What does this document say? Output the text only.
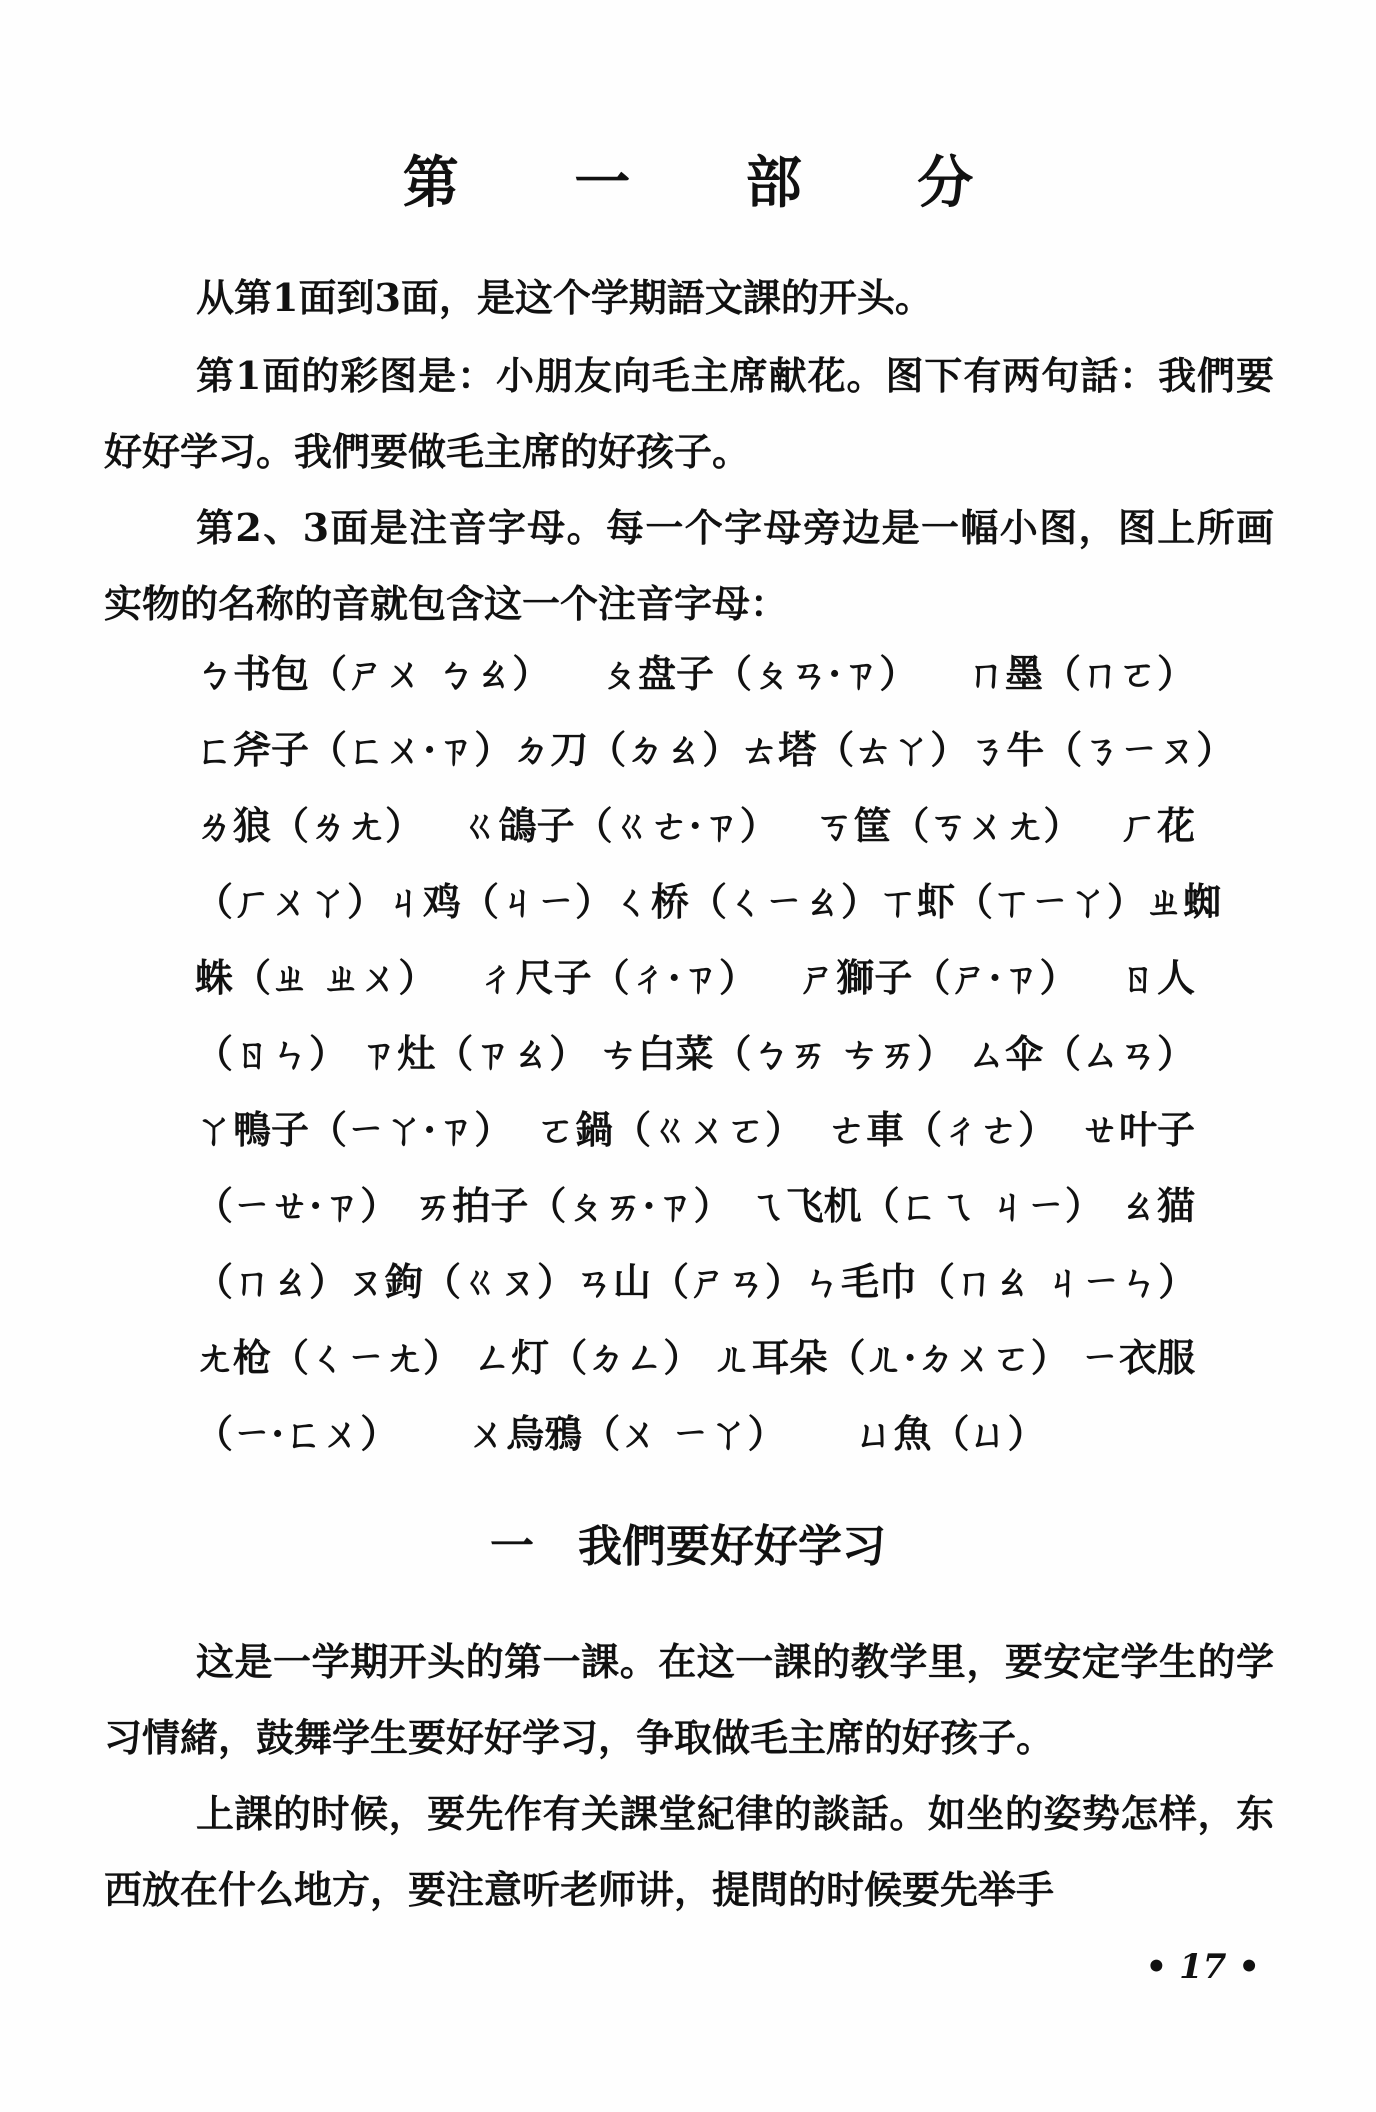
第 一 部 分
从第1面到3面，是这个学期語文課的开头。
第1面的彩图是：小朋友向毛主席献花。图下有两句話：我們要好好学习。我們要做毛主席的好孩子。
第2、3面是注音字母。每一个字母旁边是一幅小图，图上所画实物的名称的音就包含这一个注音字母：
ㄅ书包（ㄕㄨ ㄅㄠ） ㄆ盘子（ㄆㄢ·ㄗ） ㄇ墨（ㄇㄛ）
ㄈ斧子（ㄈㄨ·ㄗ） ㄉ刀（ㄉㄠ） ㄊ塔（ㄊㄚ） ㄋ牛（ㄋㄧㄡ）
ㄌ狼（ㄌㄤ） ㄍ鴿子（ㄍㄜ·ㄗ） ㄎ筐（ㄎㄨㄤ） ㄏ花
（ㄏㄨㄚ） ㄐ鸡（ㄐㄧ） ㄑ桥（ㄑㄧㄠ） ㄒ虾（ㄒㄧㄚ） ㄓ蜘
蛛（ㄓ ㄓㄨ） ㄔ尺子（ㄔ·ㄗ） ㄕ獅子（ㄕ·ㄗ） ㄖ人
（ㄖㄣ） ㄗ灶（ㄗㄠ） ㄘ白菜（ㄅㄞ ㄘㄞ） ㄙ伞（ㄙㄢ）
ㄚ鴨子（ㄧㄚ·ㄗ） ㄛ鍋（ㄍㄨㄛ） ㄜ車（ㄔㄜ） ㄝ叶子
（ㄧㄝ·ㄗ） ㄞ拍子（ㄆㄞ·ㄗ） ㄟ飞机（ㄈㄟ ㄐㄧ） ㄠ猫
（ㄇㄠ） ㄡ鉤（ㄍㄡ） ㄢ山（ㄕㄢ） ㄣ毛巾（ㄇㄠ ㄐㄧㄣ）
ㄤ枪（ㄑㄧㄤ） ㄥ灯（ㄉㄥ） ㄦ耳朵（ㄦ·ㄉㄨㄛ） ㄧ衣服
（ㄧ·ㄈㄨ） ㄨ烏鴉（ㄨ ㄧㄚ） ㄩ魚（ㄩ）
一　我們要好好学习
这是一学期开头的第一課。在这一課的教学里，要安定学生的学习情緒，鼓舞学生要好好学习，争取做毛主席的好孩子。
上課的时候，要先作有关課堂紀律的談話。如坐的姿势怎样，东西放在什么地方，要注意听老师讲，提問的时候要先举手
• 17 •
